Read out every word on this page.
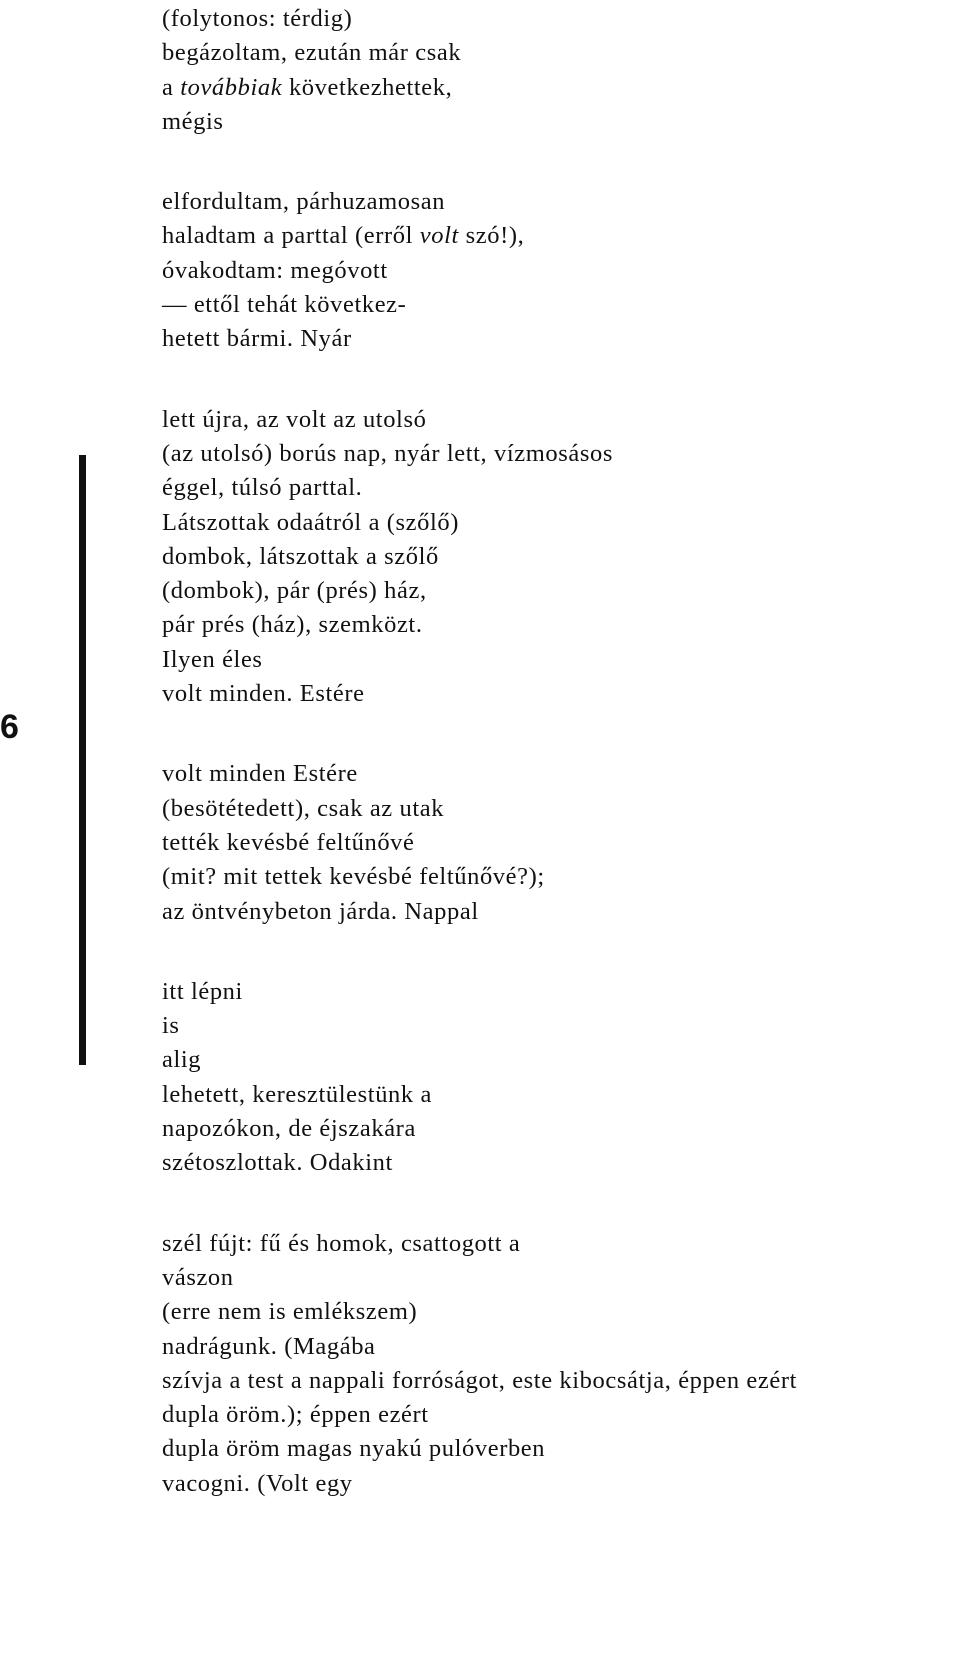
6
(folytonos: térdig)
begázoltam, ezután már csak
a továbbiak következhettek,
mégis
elfordultam, párhuzamosan
haladtam a parttal (erről volt szó!),
óvakodtam: megóvott
— ettől tehát következ-
hetett bármi. Nyár
lett újra, az volt az utolsó
(az utolsó) borús nap, nyár lett, vízmosásos
éggel, túlsó parttal.
Látszottak odaátról a (szőlő)
dombok, látszottak a szőlő
(dombok), pár (prés) ház,
pár prés (ház), szemközt.
Ilyen éles
volt minden. Estére
volt minden Estére
(besötétedett), csak az utak
tették kevésbé feltűnővé
(mit? mit tettek kevésbé feltűnővé?);
az öntvénybeton járda. Nappal
itt lépni
is
alig
lehetett, keresztülestünk a
napozókon, de éjszakára
szétoszlottak. Odakint
szél fújt: fű és homok, csattogott a
vászon
(erre nem is emlékszem)
nadrágunk. (Magába
szívja a test a nappali forróságot, este kibocsátja, éppen ezért
dupla öröm.); éppen ezért
dupla öröm magas nyakú pulóverben
vacogni. (Volt egy
